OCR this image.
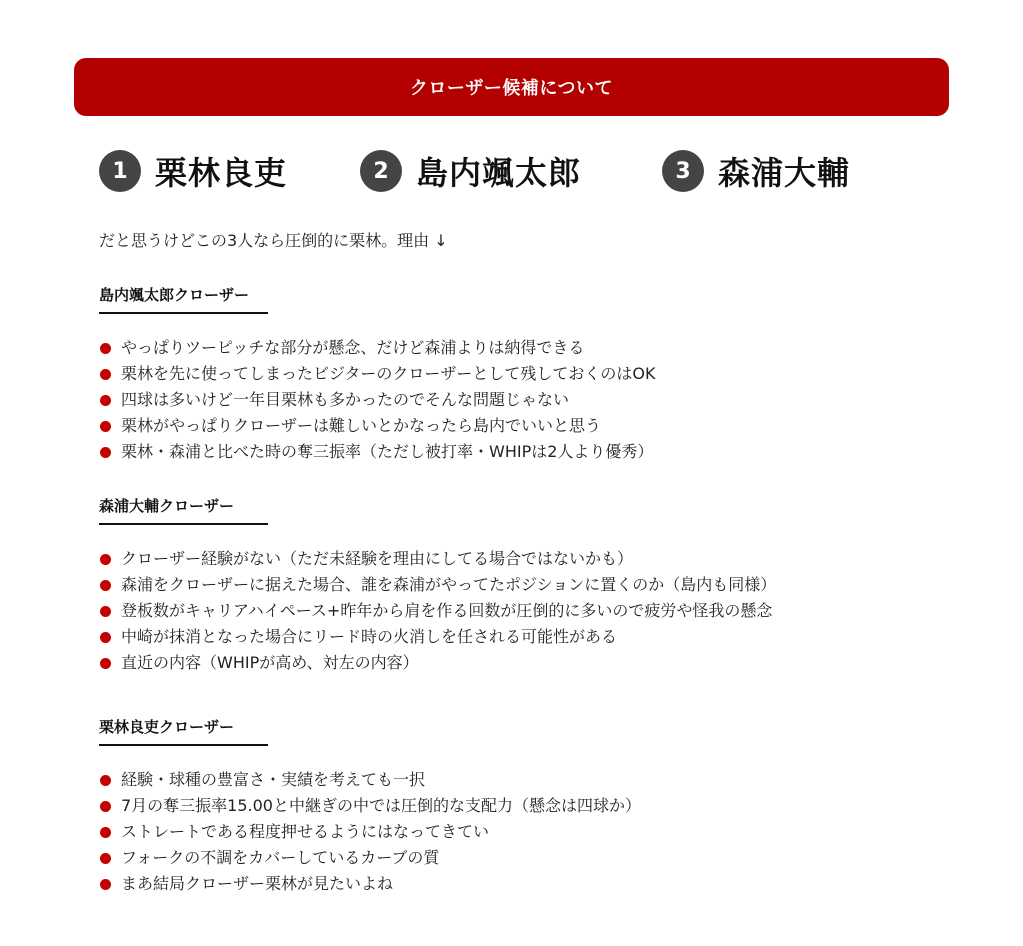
クローザー候補について
1 栗林良吏	2 島内颯太郎	3 森浦大輔
だと思うけどこの3人なら圧倒的に栗林。理由 ↓
島内颯太郎クローザー
やっぱりツーピッチな部分が懸念、だけど森浦よりは納得できる
栗林を先に使ってしまったビジターのクローザーとして残しておくのはOK
四球は多いけど一年目栗林も多かったのでそんな問題じゃない
栗林がやっぱりクローザーは難しいとかなったら島内でいいと思う
栗林・森浦と比べた時の奪三振率（ただし被打率・WHIPは2人より優秀）
森浦大輔クローザー
クローザー経験がない（ただ未経験を理由にしてる場合ではないかも）
森浦をクローザーに据えた場合、誰を森浦がやってたポジションに置くのか（島内も同様）
登板数がキャリアハイペース+昨年から肩を作る回数が圧倒的に多いので疲労や怪我の懸念
中崎が抹消となった場合にリード時の火消しを任される可能性がある
直近の内容（WHIPが高め、対左の内容）
栗林良吏クローザー
経験・球種の豊富さ・実績を考えても一択
7月の奪三振率15.00と中継ぎの中では圧倒的な支配力（懸念は四球か）
ストレートである程度押せるようにはなってきてい
フォークの不調をカバーしているカーブの質
まあ結局クローザー栗林が見たいよね
